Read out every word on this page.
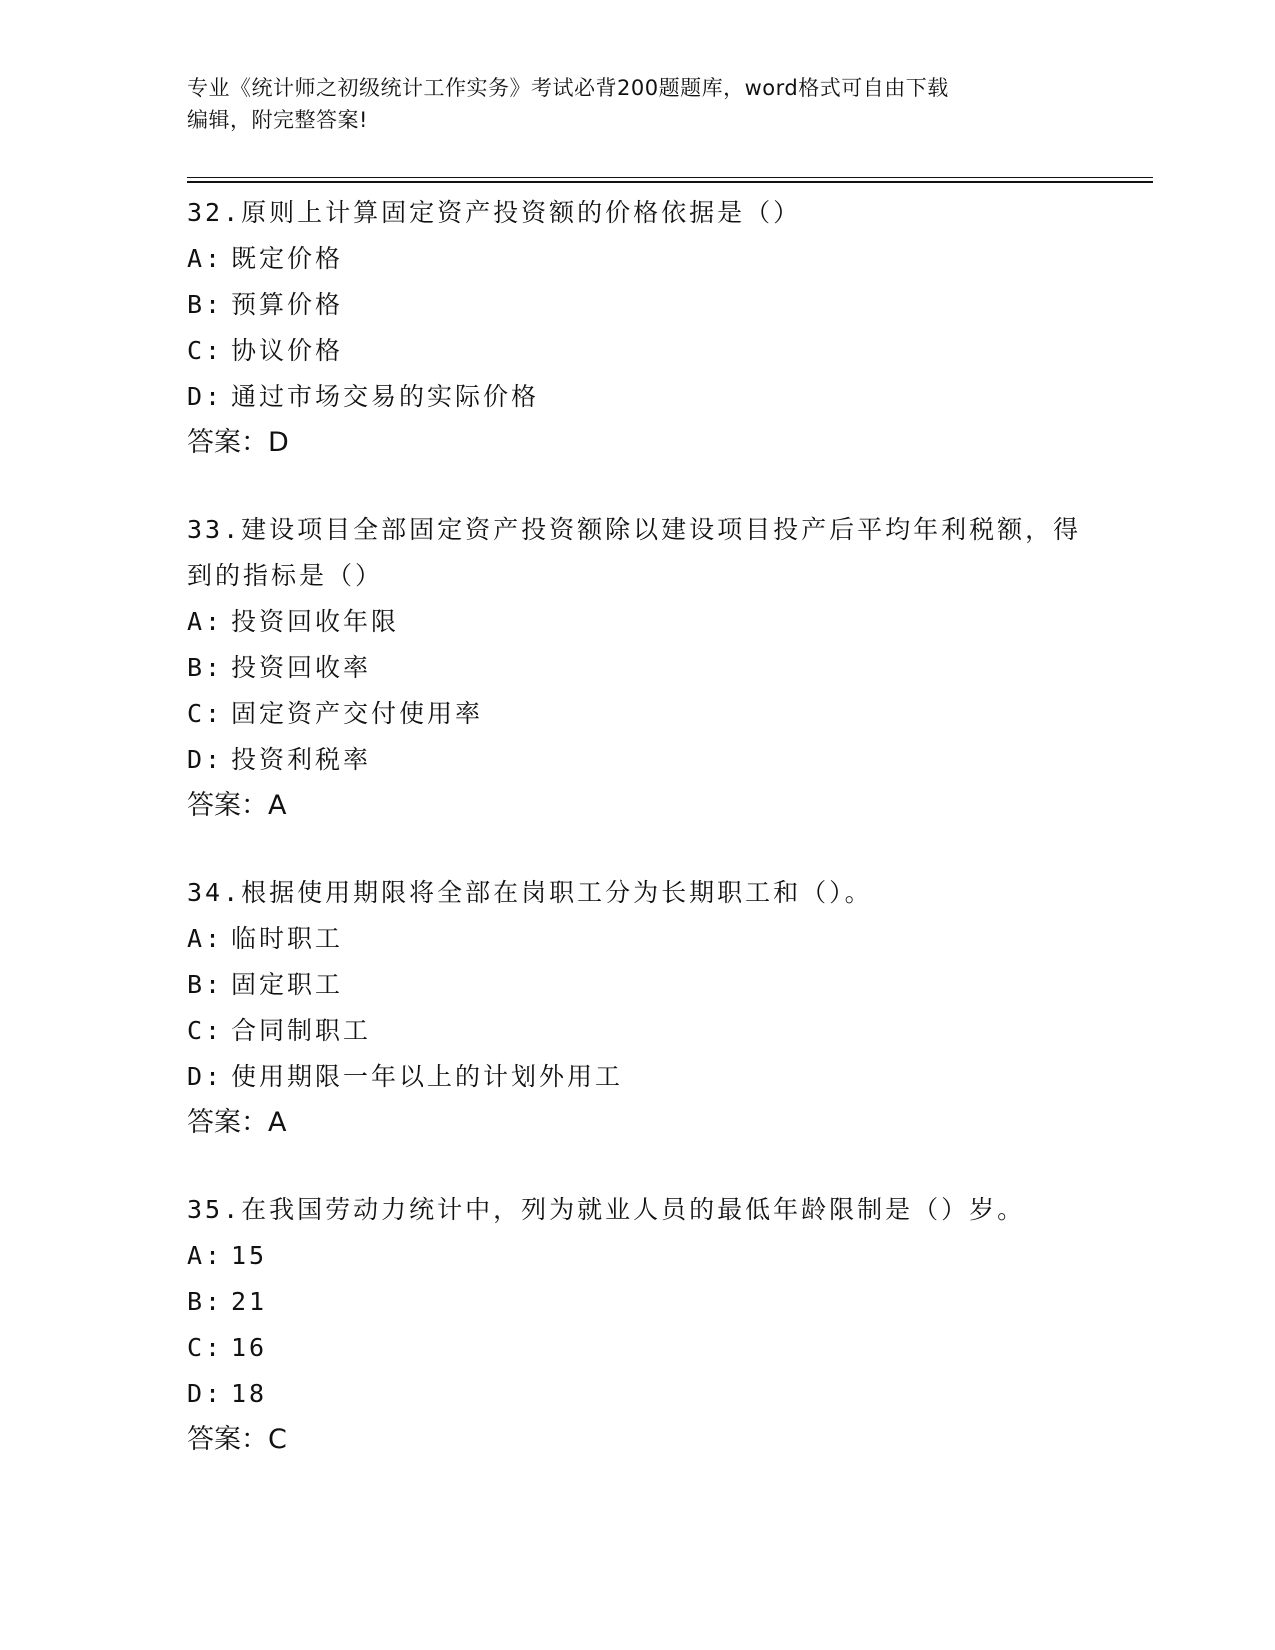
专业《统计师之初级统计工作实务》考试必背200题题库，word格式可自由下载
编辑，附完整答案!

32.原则上计算固定资产投资额的价格依据是（）

A: 既定价格

B: 预算价格

C: 协议价格

D: 通过市场交易的实际价格

答案：D

33.建设项目全部固定资产投资额除以建设项目投产后平均年利税额，得到的指标是（）

A: 投资回收年限

B: 投资回收率

C: 固定资产交付使用率

D: 投资利税率

答案：A

34.根据使用期限将全部在岗职工分为长期职工和（）。

A: 临时职工

B: 固定职工

C: 合同制职工

D: 使用期限一年以上的计划外用工

答案：A

35.在我国劳动力统计中，列为就业人员的最低年龄限制是（）岁。

A: 15

B: 21

C: 16

D: 18

答案：C
